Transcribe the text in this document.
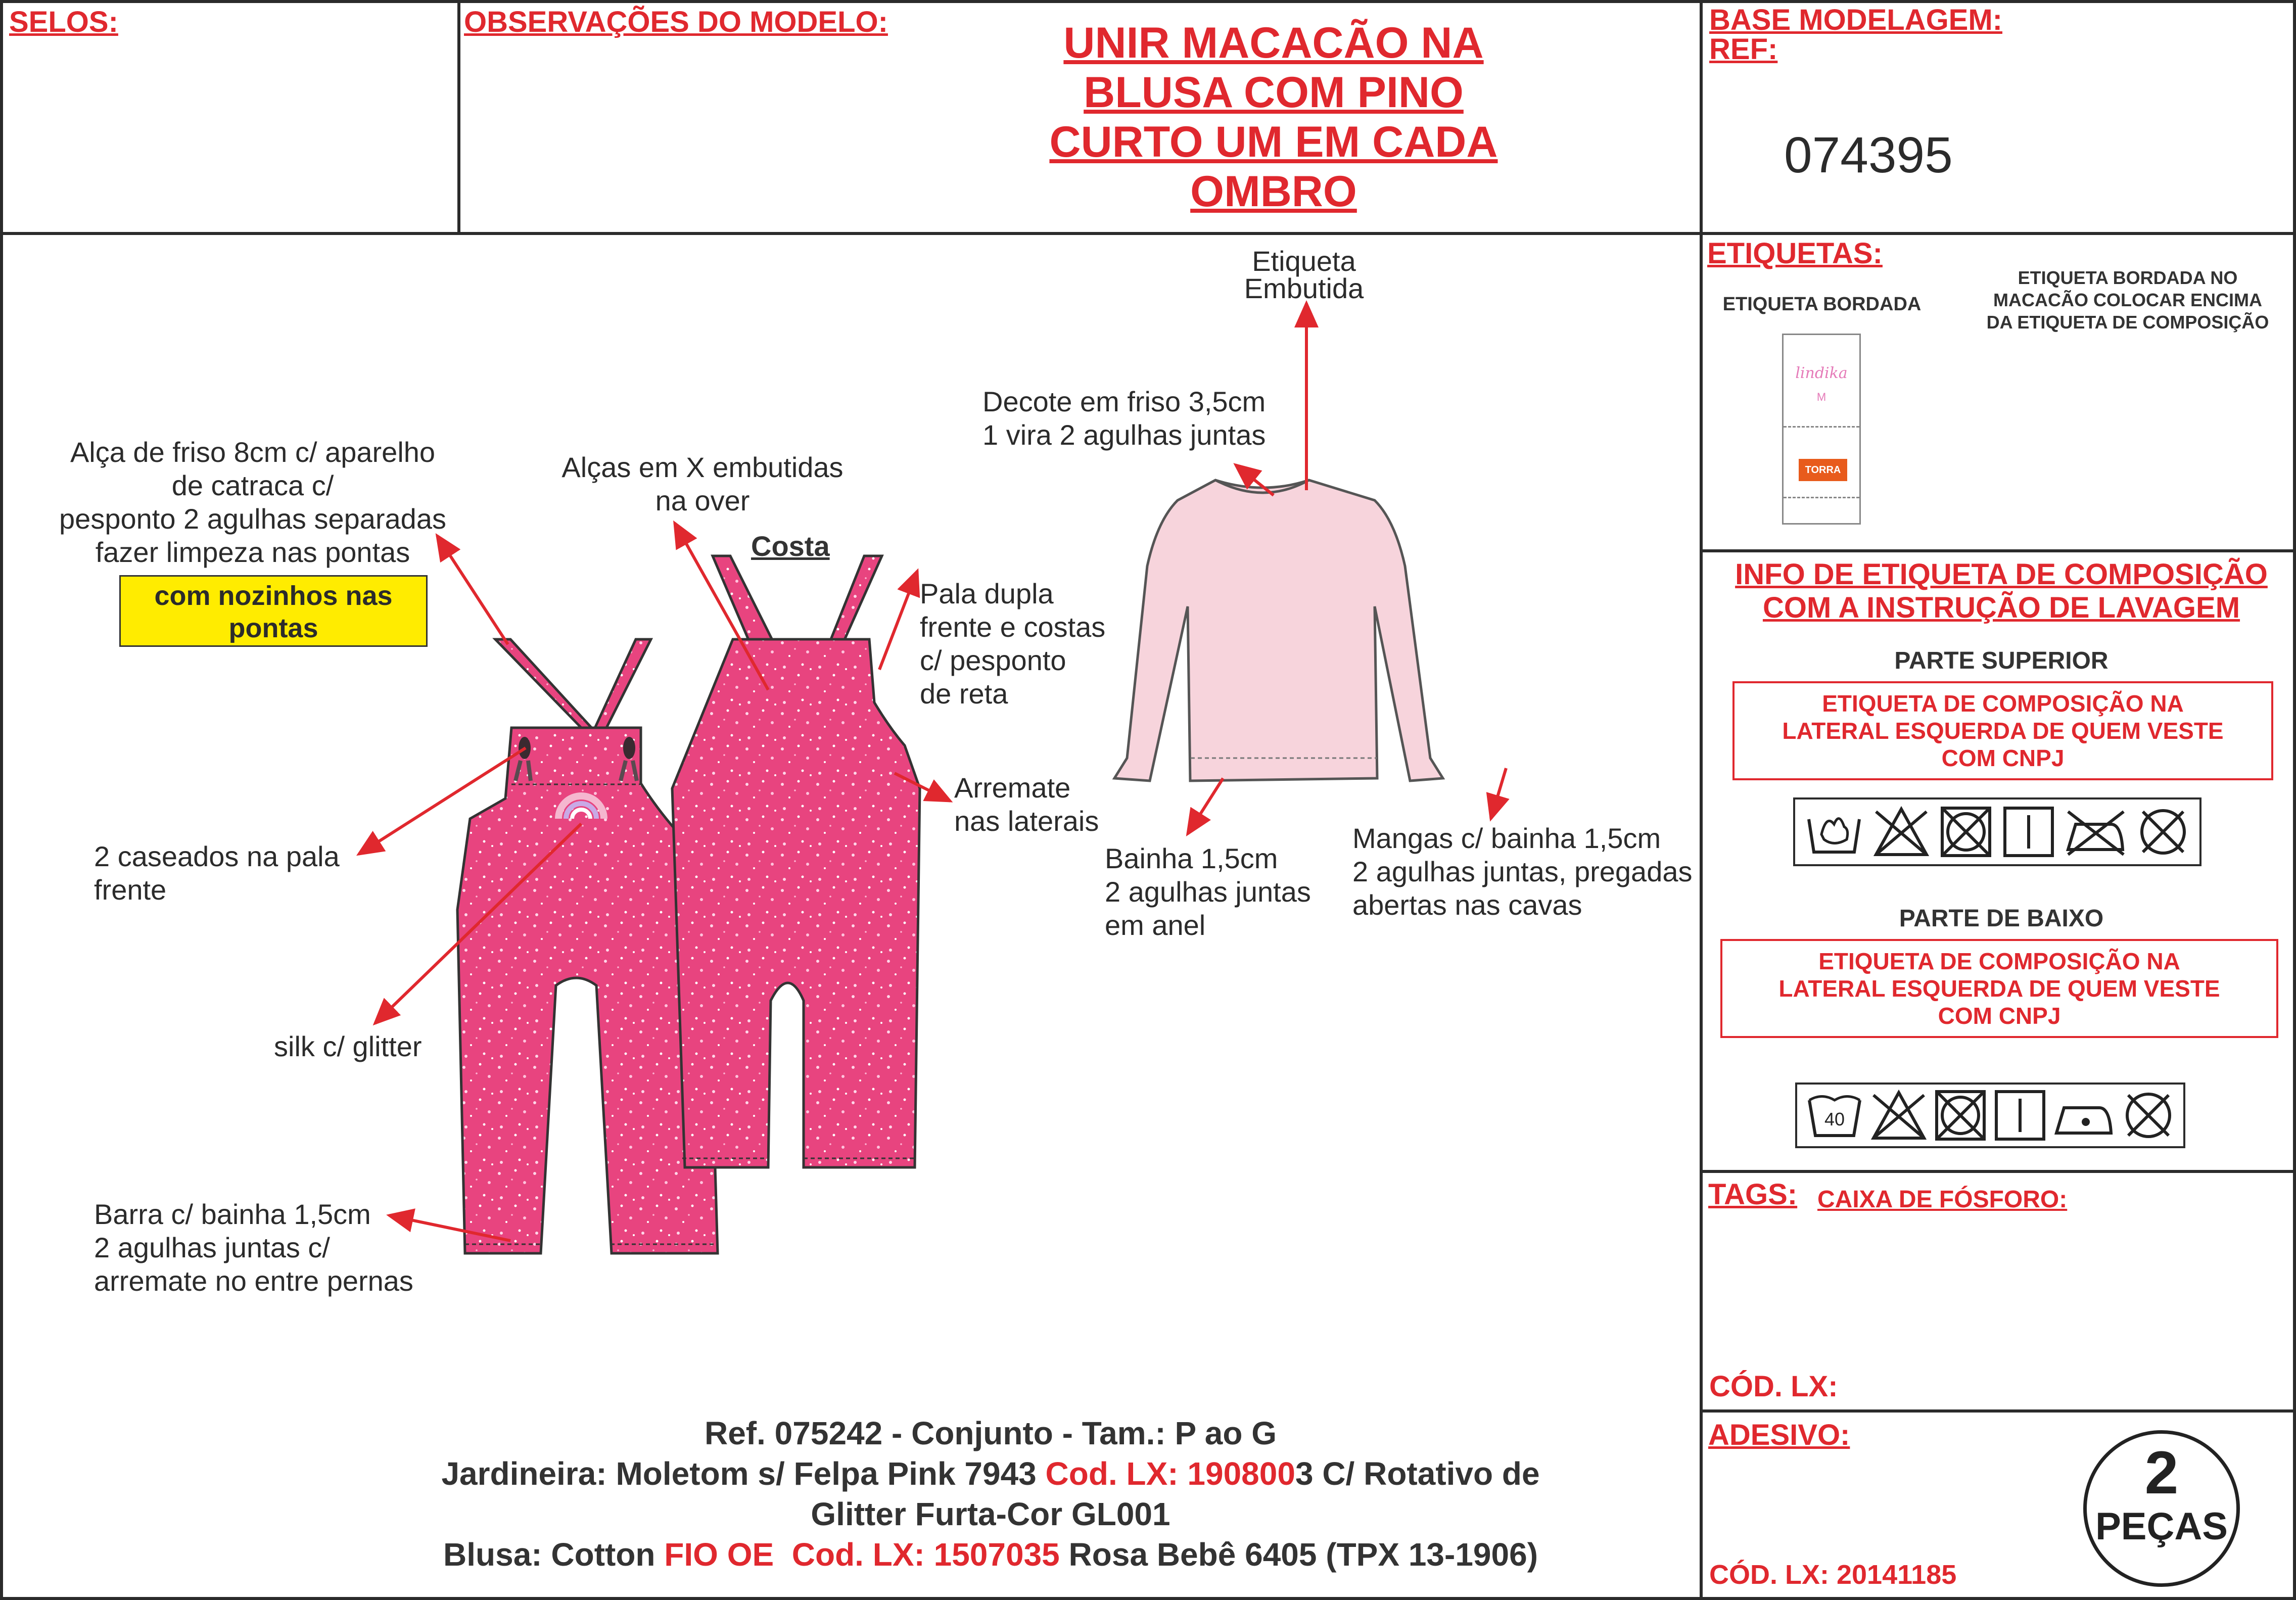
SELOS:	OBSERVAÇÕES DO MODELO:	UNIR MACACÃO NA
BLUSA COM PINO
CURTO UM EM CADA
OMBRO
BASE MODELAGEM:
REF:
074395
Alça de friso 8cm c/ aparelho
de catraca c/
pesponto 2 agulhas separadas
fazer limpeza nas pontas
com nozinhos nas
pontas
Alças em X embutidas
na over
Costa
Pala dupla
frente e costas
c/ pesponto
de reta
Arremate
nas laterais
2 caseados na pala
frente
silk c/ glitter
Barra c/ bainha 1,5cm
2 agulhas juntas c/
arremate no entre pernas
Etiqueta
Embutida
Decote em friso 3,5cm
1 vira 2 agulhas juntas
Bainha 1,5cm
2 agulhas juntas
em anel
Mangas c/ bainha 1,5cm
2 agulhas juntas, pregadas
abertas nas cavas
Ref. 075242 - Conjunto - Tam.: P ao G
Jardineira: Moletom s/ Felpa Pink 7943 Cod. LX: 1908003 C/ Rotativo de
Glitter Furta-Cor GL001
Blusa: Cotton FIO OE  Cod. LX: 1507035 Rosa Bebê 6405 (TPX 13-1906)
ETIQUETAS:
ETIQUETA BORDADA
ETIQUETA BORDADA NO
MACACÃO COLOCAR ENCIMA
DA ETIQUETA DE COMPOSIÇÃO
lindika
M
TORRA
INFO DE ETIQUETA DE COMPOSIÇÃO
COM A INSTRUÇÃO DE LAVAGEM
PARTE SUPERIOR
ETIQUETA DE COMPOSIÇÃO NA
LATERAL ESQUERDA DE QUEM VESTE
COM CNPJ
PARTE DE BAIXO
ETIQUETA DE COMPOSIÇÃO NA
LATERAL ESQUERDA DE QUEM VESTE
COM CNPJ
40
TAGS: CAIXA DE FÓSFORO:
CÓD. LX:
ADESIVO:
CÓD. LX: 20141185
2
PEÇAS
